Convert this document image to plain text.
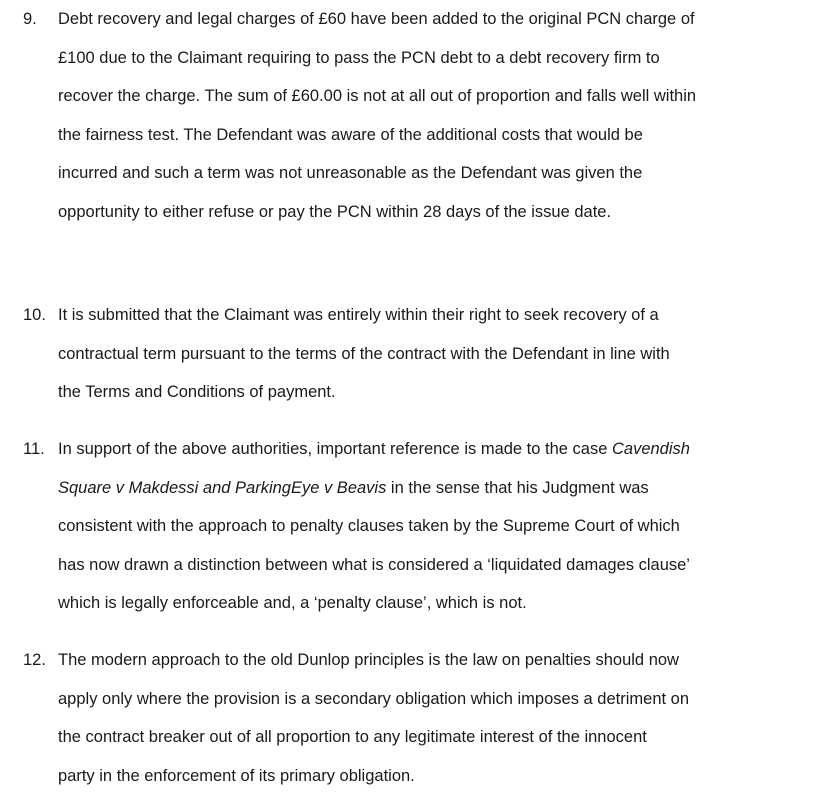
9. Debt recovery and legal charges of £60 have been added to the original PCN charge of
£100 due to the Claimant requiring to pass the PCN debt to a debt recovery firm to
recover the charge. The sum of £60.00 is not at all out of proportion and falls well within
the fairness test. The Defendant was aware of the additional costs that would be
incurred and such a term was not unreasonable as the Defendant was given the
opportunity to either refuse or pay the PCN within 28 days of the issue date.
10. It is submitted that the Claimant was entirely within their right to seek recovery of a
contractual term pursuant to the terms of the contract with the Defendant in line with
the Terms and Conditions of payment.
11. In support of the above authorities, important reference is made to the case Cavendish
Square v Makdessi and ParkingEye v Beavis in the sense that his Judgment was
consistent with the approach to penalty clauses taken by the Supreme Court of which
has now drawn a distinction between what is considered a ‘liquidated damages clause’
which is legally enforceable and, a ‘penalty clause’, which is not.
12. The modern approach to the old Dunlop principles is the law on penalties should now
apply only where the provision is a secondary obligation which imposes a detriment on
the contract breaker out of all proportion to any legitimate interest of the innocent
party in the enforcement of its primary obligation.
